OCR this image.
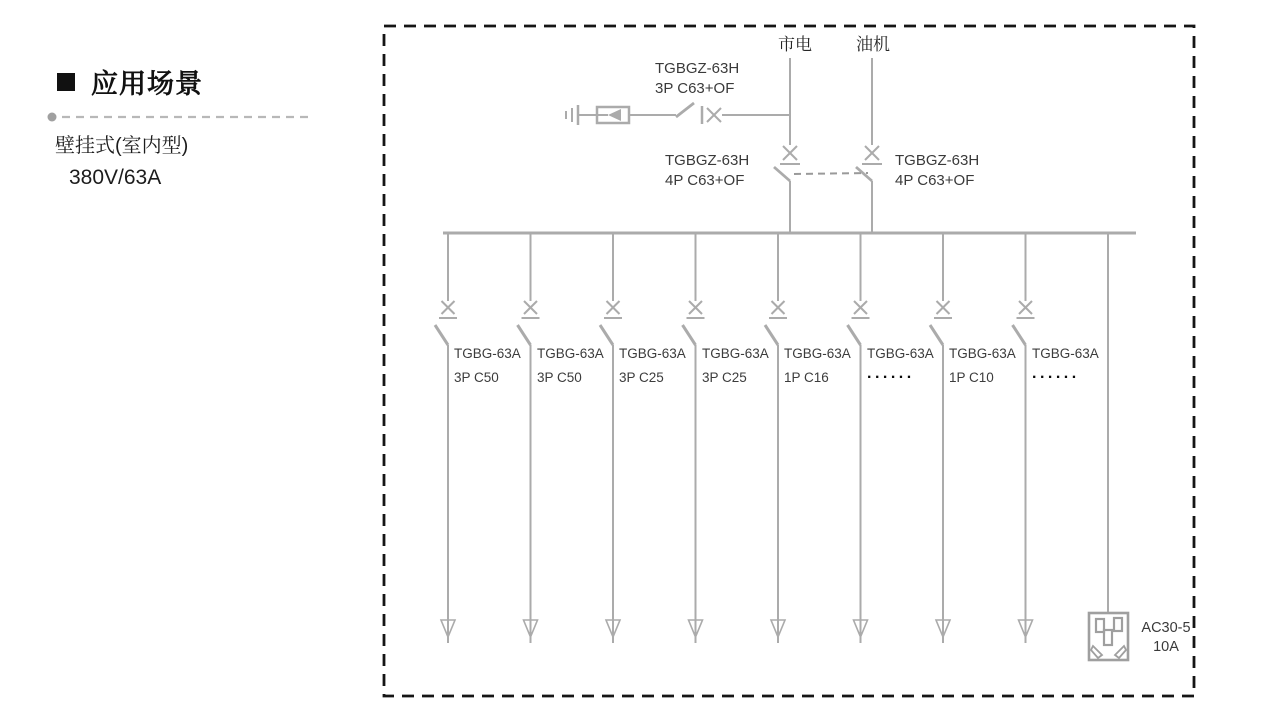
应用场景
壁挂式(室内型)
380V/63A
市电	油机
TGBGZ-63H
3P C63+OF
TGBGZ-63H
4P C63+OF
TGBGZ-63H
4P C63+OF
TGBG-63A
3P C50
TGBG-63A
3P C50
TGBG-63A
3P C25
TGBG-63A
3P C25
TGBG-63A
1P C16
TGBG-63A
......
TGBG-63A
1P C10
TGBG-63A
......
AC30-5
10A
